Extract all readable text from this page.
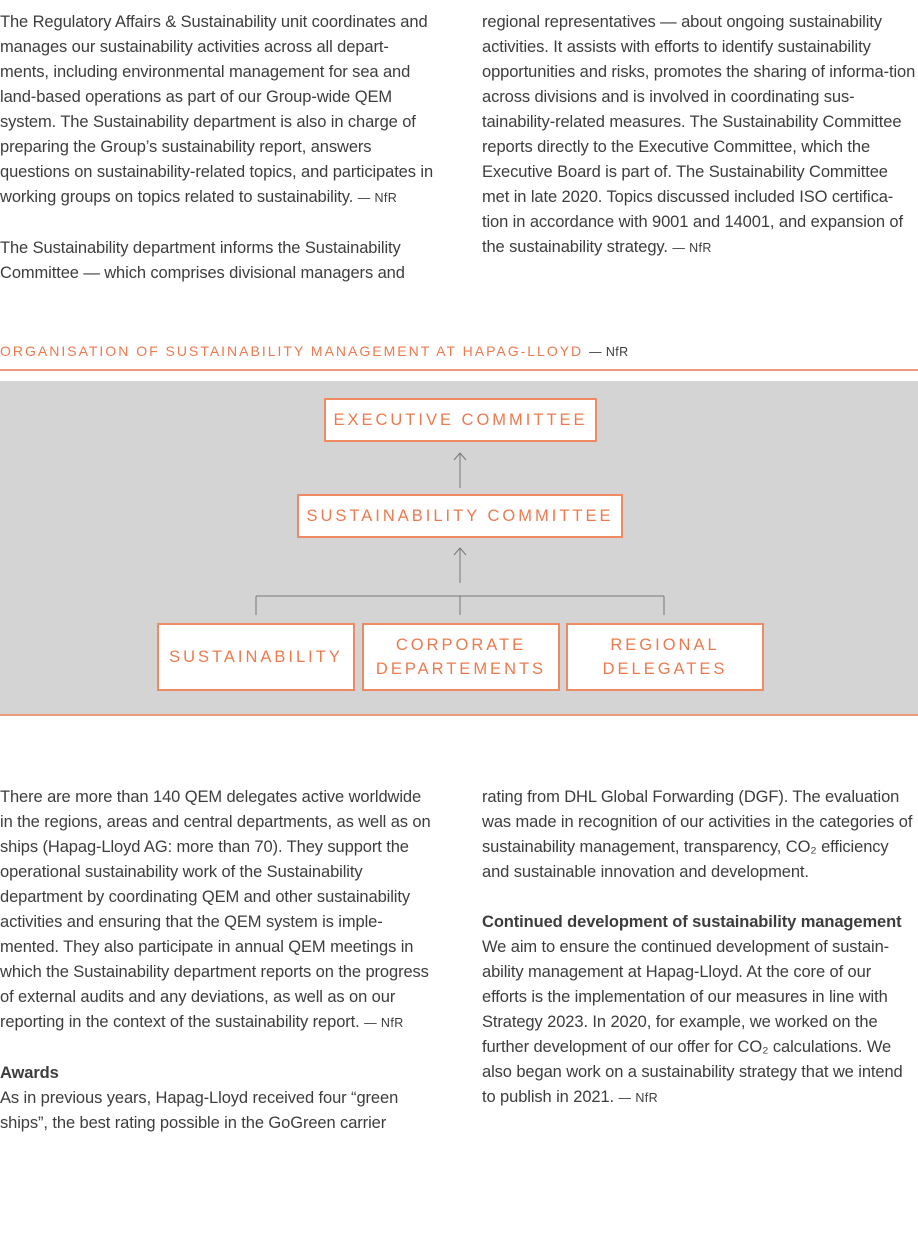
The Regulatory Affairs & Sustainability unit coordinates and manages our sustainability activities across all depart-ments, including environmental management for sea and land-based operations as part of our Group-wide QEM system. The Sustainability department is also in charge of preparing the Group’s sustainability report, answers questions on sustainability-related topics, and participates in working groups on topics related to sustainability. — NfR

The Sustainability department informs the Sustainability Committee — which comprises divisional managers and

regional representatives — about ongoing sustainability activities. It assists with efforts to identify sustainability opportunities and risks, promotes the sharing of informa-tion across divisions and is involved in coordinating sus-tainability-related measures. The Sustainability Committee reports directly to the Executive Committee, which the Executive Board is part of. The Sustainability Committee met in late 2020. Topics discussed included ISO certifica-tion in accordance with 9001 and 14001, and expansion of the sustainability strategy. — NfR

ORGANISATION OF SUSTAINABILITY MANAGEMENT AT HAPAG-LLOYD — NfR
EXECUTIVE COMMITTEE
SUSTAINABILITY COMMITTEE
SUSTAINABILITY
CORPORATE
DEPARTEMENTS
REGIONAL
DELEGATES

There are more than 140 QEM delegates active worldwide in the regions, areas and central departments, as well as on ships (Hapag-Lloyd AG: more than 70). They support the operational sustainability work of the Sustainability department by coordinating QEM and other sustainability activities and ensuring that the QEM system is imple-mented. They also participate in annual QEM meetings in which the Sustainability department reports on the progress of external audits and any deviations, as well as on our reporting in the context of the sustainability report. — NfR

Awards
As in previous years, Hapag-Lloyd received four “green ships”, the best rating possible in the GoGreen carrier

rating from DHL Global Forwarding (DGF). The evaluation was made in recognition of our activities in the categories of sustainability management, transparency, CO₂ efficiency and sustainable innovation and development.

Continued development of sustainability management
We aim to ensure the continued development of sustain-ability management at Hapag-Lloyd. At the core of our efforts is the implementation of our measures in line with Strategy 2023. In 2020, for example, we worked on the further development of our offer for CO₂ calculations. We also began work on a sustainability strategy that we intend to publish in 2021. — NfR
